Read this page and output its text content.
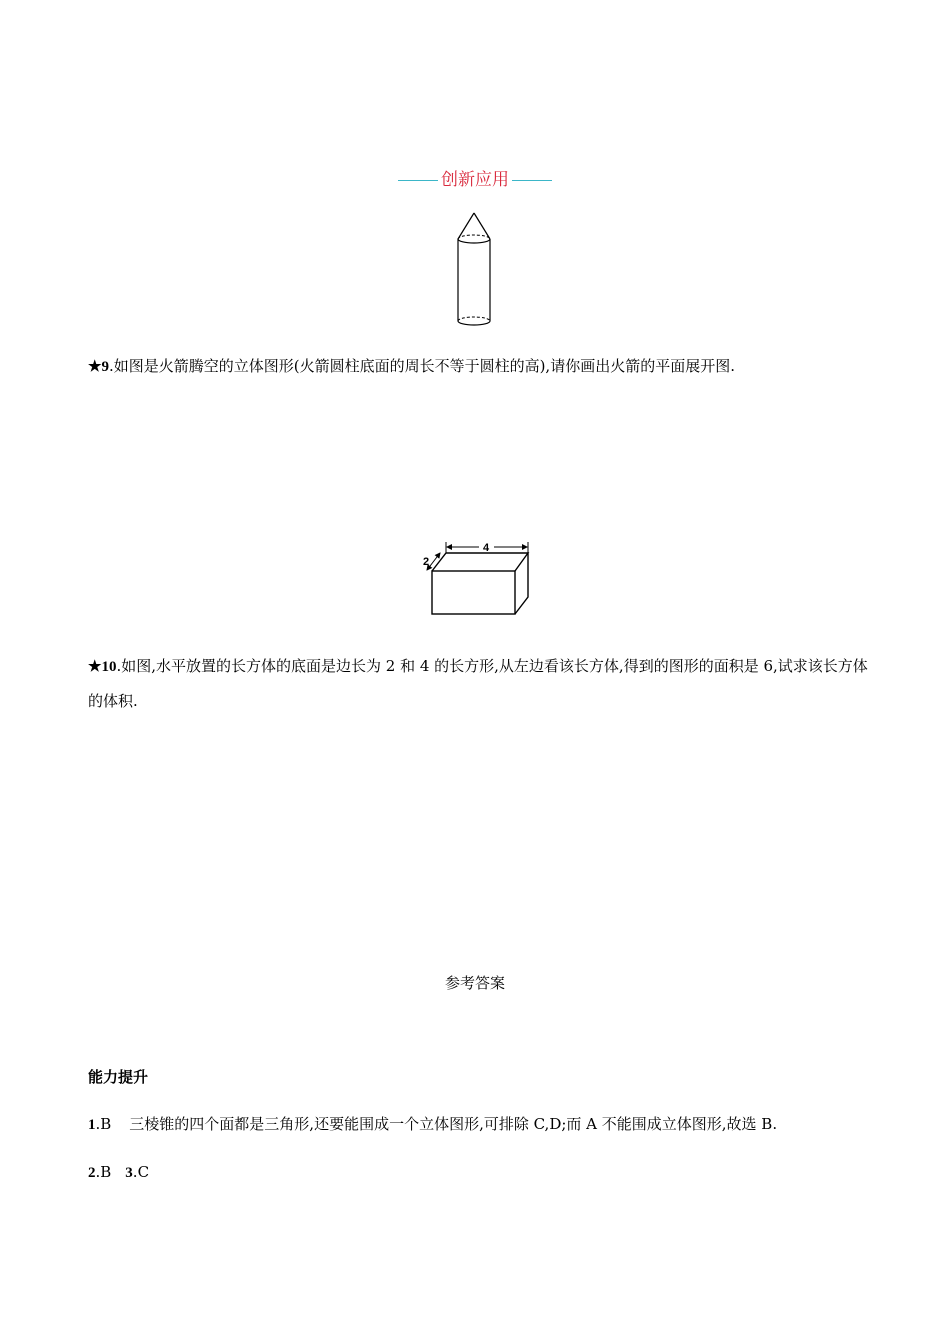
创新应用
★9.如图是火箭腾空的立体图形(火箭圆柱底面的周长不等于圆柱的高),请你画出火箭的平面展开图.
4
2
★10.如图,水平放置的长方体的底面是边长为 2 和 4 的长方形,从左边看该长方体,得到的图形的面积是 6,试求该长方体的体积.
参考答案
能力提升
1.B 三棱锥的四个面都是三角形,还要能围成一个立体图形,可排除 C,D;而 A 不能围成立体图形,故选 B.
2.B 3.C
